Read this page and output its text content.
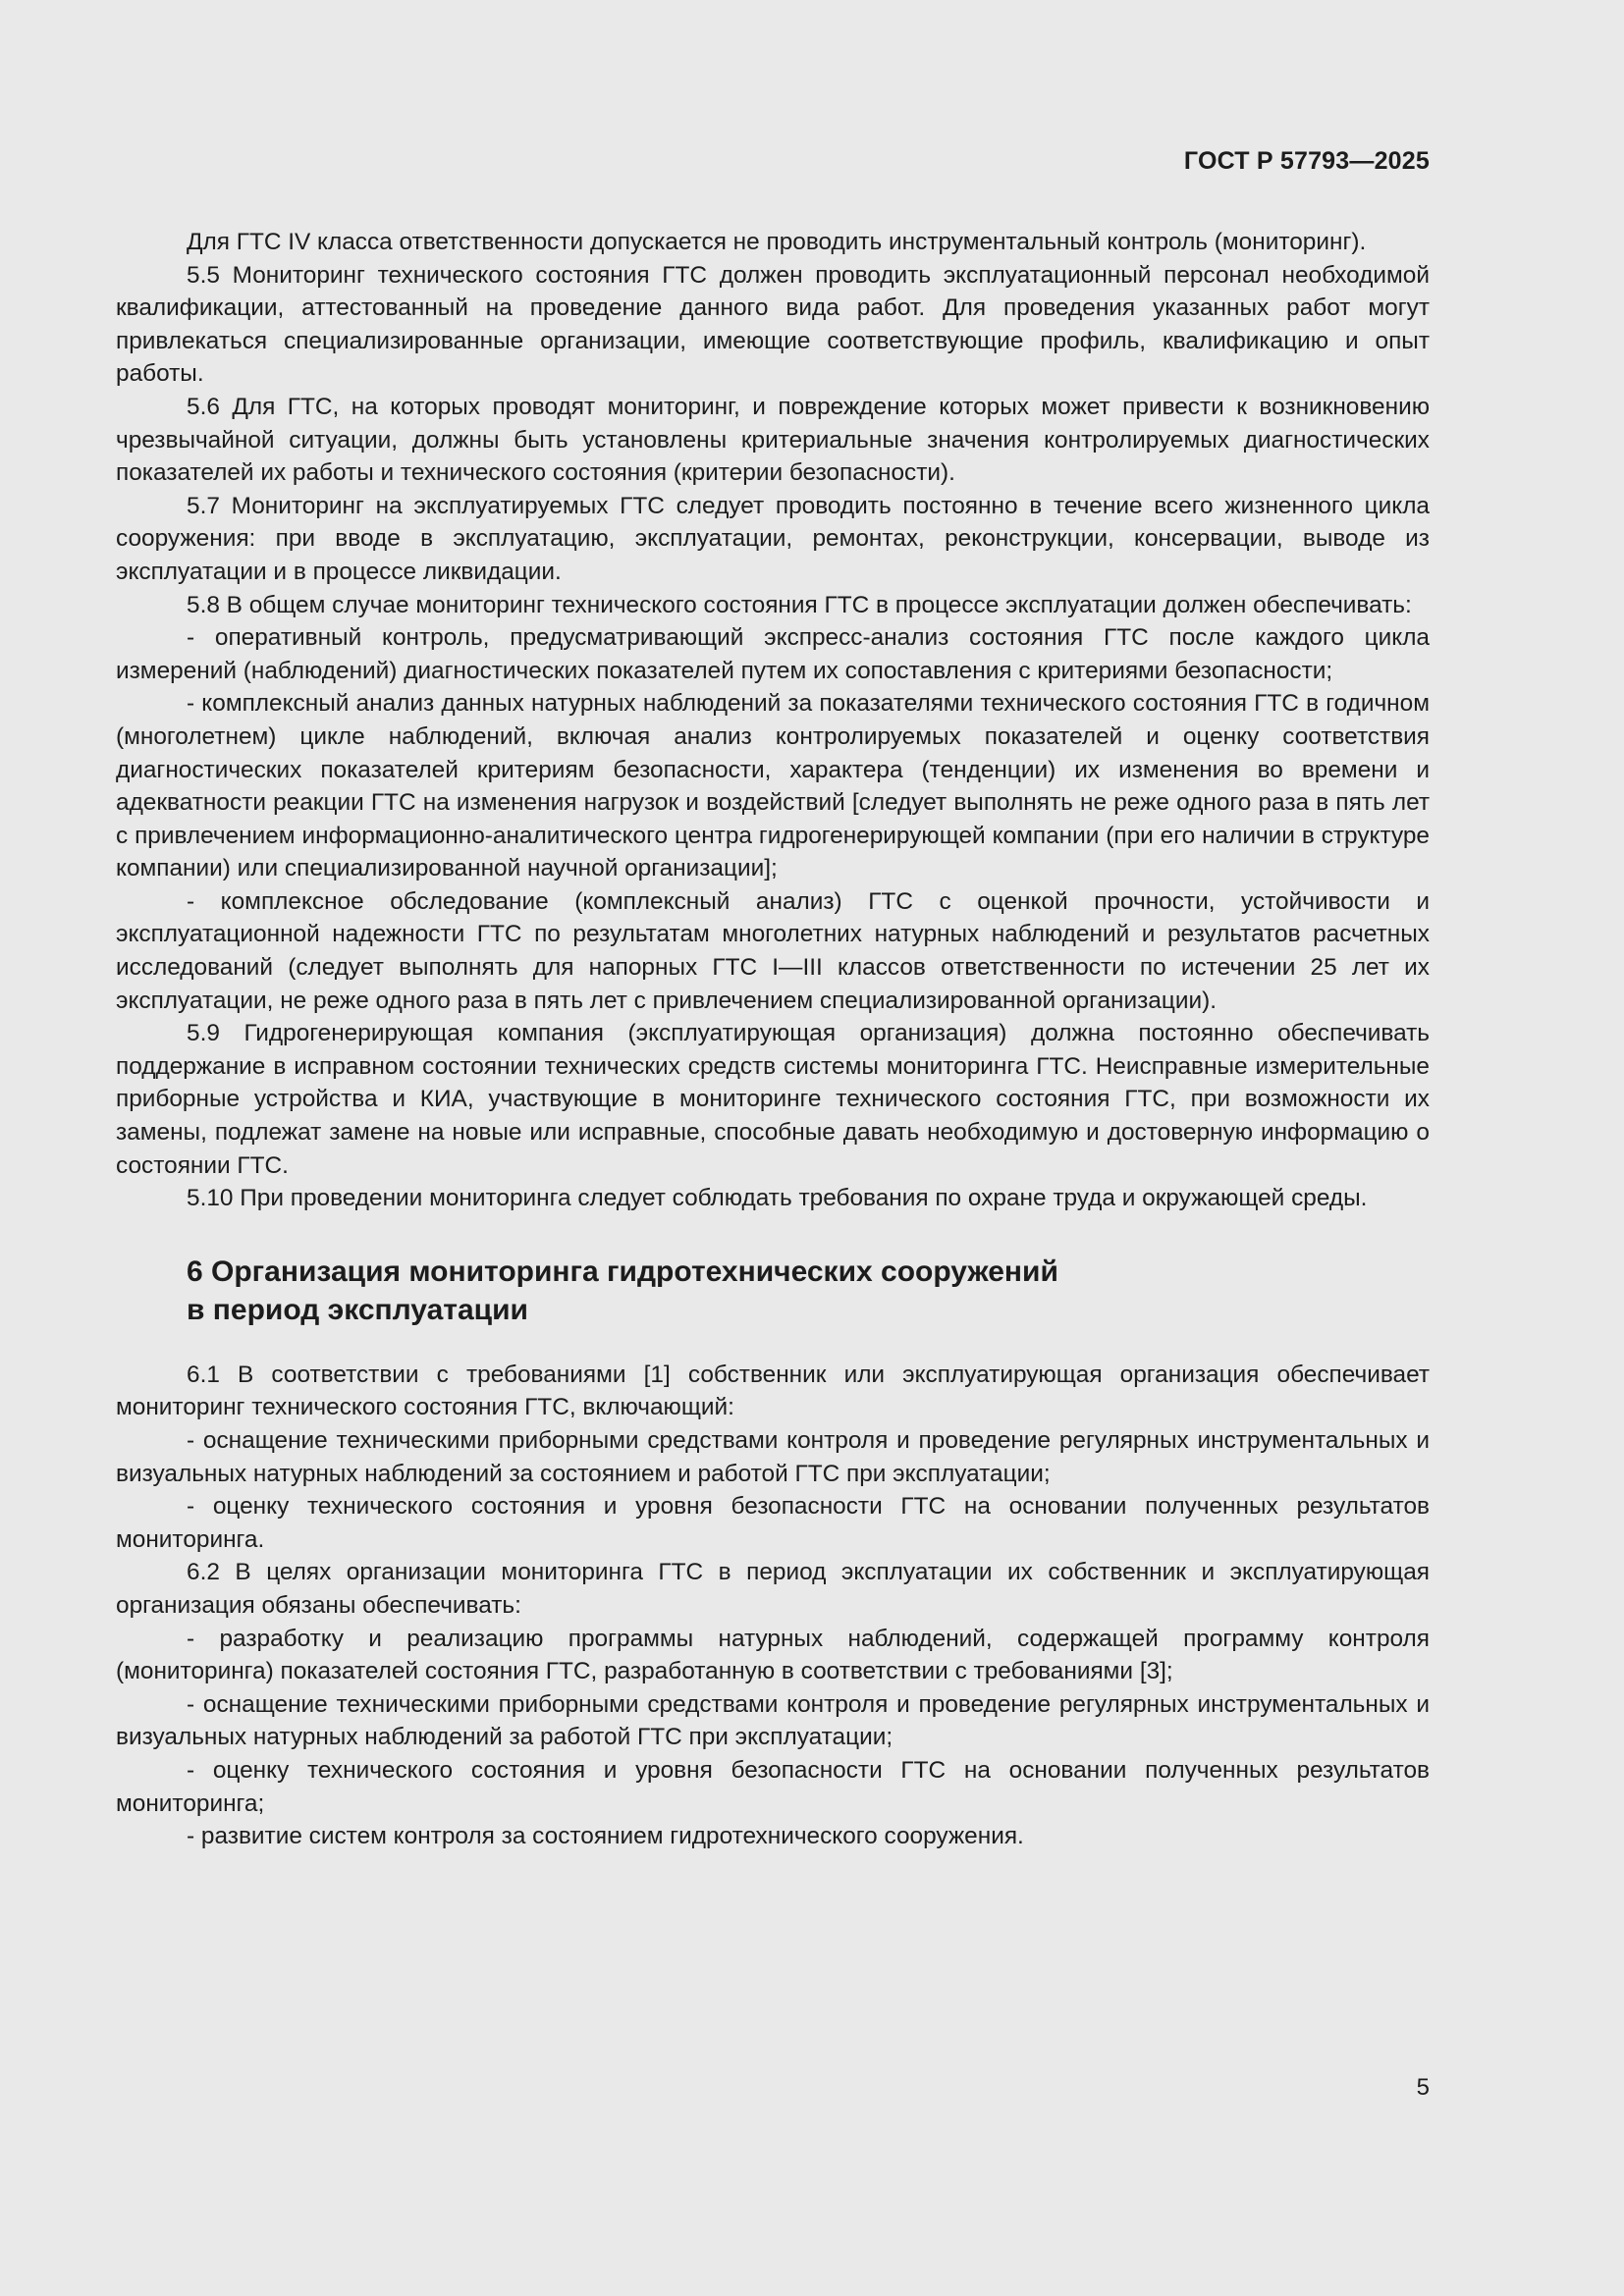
ГОСТ Р 57793—2025

Для ГТС IV класса ответственности допускается не проводить инструментальный контроль (мониторинг).

5.5 Мониторинг технического состояния ГТС должен проводить эксплуатационный персонал необходимой квалификации, аттестованный на проведение данного вида работ. Для проведения указанных работ могут привлекаться специализированные организации, имеющие соответствующие профиль, квалификацию и опыт работы.

5.6 Для ГТС, на которых проводят мониторинг, и повреждение которых может привести к возникновению чрезвычайной ситуации, должны быть установлены критериальные значения контролируемых диагностических показателей их работы и технического состояния (критерии безопасности).

5.7 Мониторинг на эксплуатируемых ГТС следует проводить постоянно в течение всего жизненного цикла сооружения: при вводе в эксплуатацию, эксплуатации, ремонтах, реконструкции, консервации, выводе из эксплуатации и в процессе ликвидации.

5.8 В общем случае мониторинг технического состояния ГТС в процессе эксплуатации должен обеспечивать:

- оперативный контроль, предусматривающий экспресс-анализ состояния ГТС после каждого цикла измерений (наблюдений) диагностических показателей путем их сопоставления с критериями безопасности;

- комплексный анализ данных натурных наблюдений за показателями технического состояния ГТС в годичном (многолетнем) цикле наблюдений, включая анализ контролируемых показателей и оценку соответствия диагностических показателей критериям безопасности, характера (тенденции) их изменения во времени и адекватности реакции ГТС на изменения нагрузок и воздействий [следует выполнять не реже одного раза в пять лет с привлечением информационно-аналитического центра гидрогенерирующей компании (при его наличии в структуре компании) или специализированной научной организации];

- комплексное обследование (комплексный анализ) ГТС с оценкой прочности, устойчивости и эксплуатационной надежности ГТС по результатам многолетних натурных наблюдений и результатов расчетных исследований (следует выполнять для напорных ГТС I—III классов ответственности по истечении 25 лет их эксплуатации, не реже одного раза в пять лет с привлечением специализированной организации).

5.9 Гидрогенерирующая компания (эксплуатирующая организация) должна постоянно обеспечивать поддержание в исправном состоянии технических средств системы мониторинга ГТС. Неисправные измерительные приборные устройства и КИА, участвующие в мониторинге технического состояния ГТС, при возможности их замены, подлежат замене на новые или исправные, способные давать необходимую и достоверную информацию о состоянии ГТС.

5.10 При проведении мониторинга следует соблюдать требования по охране труда и окружающей среды.

6 Организация мониторинга гидротехнических сооружений
в период эксплуатации

6.1 В соответствии с требованиями [1] собственник или эксплуатирующая организация обеспечивает мониторинг технического состояния ГТС, включающий:

- оснащение техническими приборными средствами контроля и проведение регулярных инструментальных и визуальных натурных наблюдений за состоянием и работой ГТС при эксплуатации;

- оценку технического состояния и уровня безопасности ГТС на основании полученных результатов мониторинга.

6.2 В целях организации мониторинга ГТС в период эксплуатации их собственник и эксплуатирующая организация обязаны обеспечивать:

- разработку и реализацию программы натурных наблюдений, содержащей программу контроля (мониторинга) показателей состояния ГТС, разработанную в соответствии с требованиями [3];

- оснащение техническими приборными средствами контроля и проведение регулярных инструментальных и визуальных натурных наблюдений за работой ГТС при эксплуатации;

- оценку технического состояния и уровня безопасности ГТС на основании полученных результатов мониторинга;

- развитие систем контроля за состоянием гидротехнического сооружения.

5
